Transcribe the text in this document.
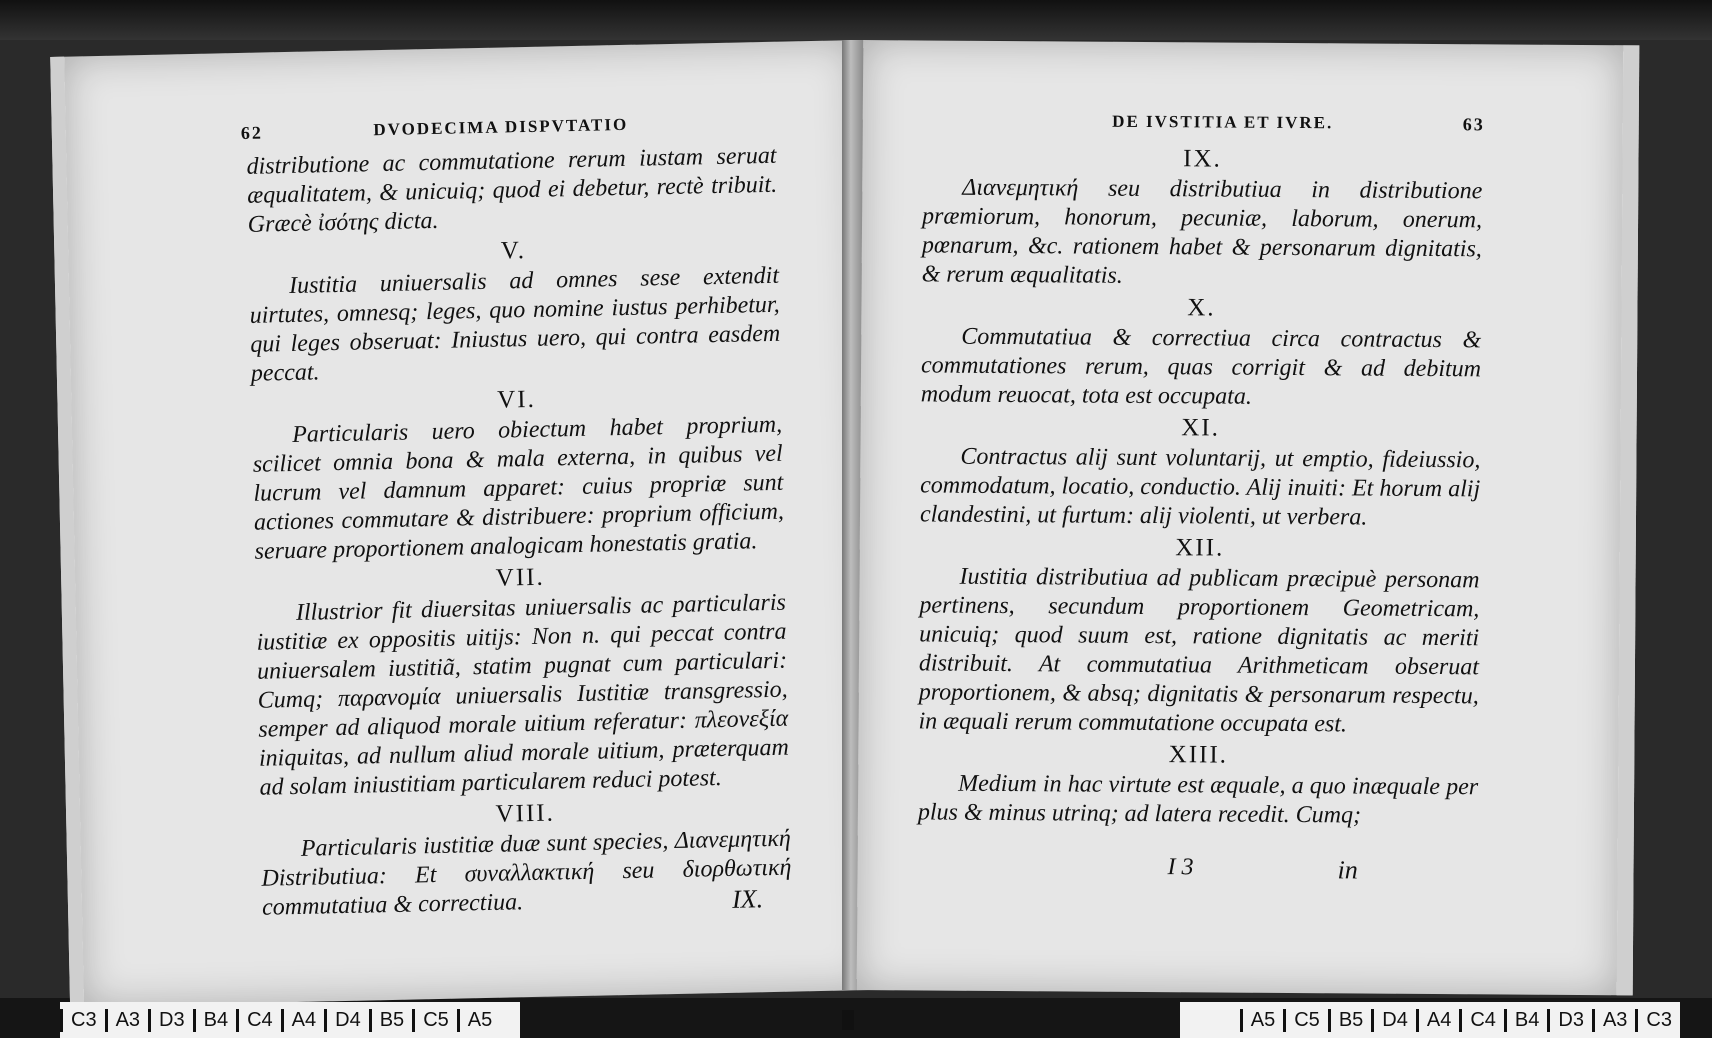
62	DVODECIMA DISPVTATIO

distributione ac commutatione rerum iustam seruat æqualitatem, & unicuiq; quod ei debetur, rectè tribuit. Græcè ἰσότης dicta.

V.

Iustitia uniuersalis ad omnes sese extendit uirtutes, omnesq; leges, quo nomine iustus perhibetur, qui leges obseruat: Iniustus uero, qui contra easdem peccat.

VI.

Particularis uero obiectum habet proprium, scilicet omnia bona & mala externa, in quibus vel lucrum vel damnum apparet: cuius propriæ sunt actiones commutare & distribuere: proprium officium, seruare proportionem analogicam honestatis gratia.

VII.

Illustrior fit diuersitas uniuersalis ac particularis iustitiæ ex oppositis uitijs: Non n. qui peccat contra uniuersalem iustitiã, statim pugnat cum particulari: Cumq; παρανομία uniuersalis Iustitiæ transgressio, semper ad aliquod morale uitium referatur: πλεονεξία iniquitas, ad nullum aliud morale uitium, præterquam ad solam iniustitiam particularem reduci potest.

VIII.

Particularis iustitiæ duæ sunt species, Διανεμητική Distributiua: Et συναλλακτική seu διορθωτική commutatiua & correctiua.	IX.
DE IVSTITIA ET IVRE.	63
IX.

Διανεμητική seu distributiua in distributione præmiorum, honorum, pecuniæ, laborum, onerum, pœnarum, &c. rationem habet & personarum dignitatis, & rerum æqualitatis.

X.

Commutatiua & correctiua circa contractus & commutationes rerum, quas corrigit & ad debitum modum reuocat, tota est occupata.

XI.

Contractus alij sunt voluntarij, ut emptio, fideiussio, commodatum, locatio, conductio. Alij inuiti: Et horum alij clandestini, ut furtum: alij violenti, ut verbera.

XII.

Iustitia distributiua ad publicam præcipuè personam pertinens, secundum proportionem Geometricam, unicuiq; quod suum est, ratione dignitatis ac meriti distribuit. At commutatiua Arithmeticam obseruat proportionem, & absq; dignitatis & personarum respectu, in æquali rerum commutatione occupata est.

XIII.

Medium in hac virtute est æquale, a quo inæquale per plus & minus utrinq; ad latera recedit. Cumq;

I 3	in
C3 A3 D3 B4 C4 A4 D4 B5 C5 A5	A5 C5 B5 D4 A4 C4 B4 D3 A3 C3
